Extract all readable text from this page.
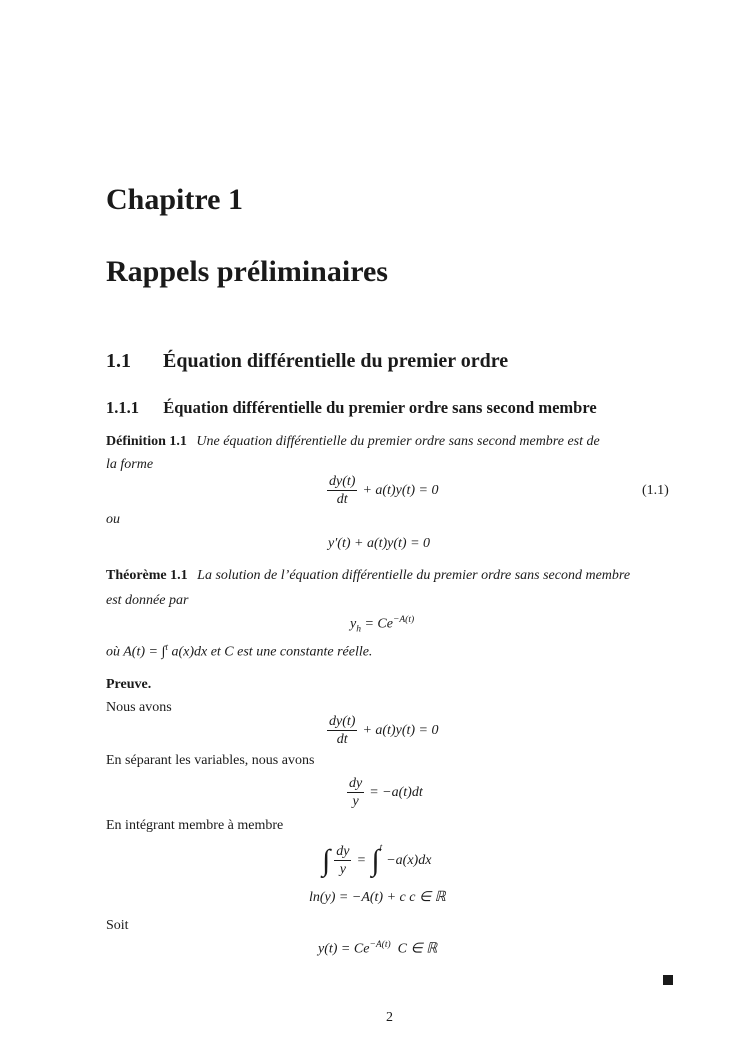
Chapitre 1
Rappels préliminaires
1.1 Équation différentielle du premier ordre
1.1.1 Équation différentielle du premier ordre sans second membre
Définition 1.1 Une équation différentielle du premier ordre sans second membre est de
la forme
$\frac{dy(t)}{dt} + a(t)y(t) = 0$	(1.1)
ou
y′(t) + a(t)y(t) = 0
Théorème 1.1 La solution de l’équation différentielle du premier ordre sans second membre
est donnée par
$y_h = Ce^{-A(t)}$
où A(t) = ∫$^t$ a(x)dx et C est une constante réelle.
Preuve.
Nous avons
$\frac{dy(t)}{dt} + a(t)y(t) = 0$
En séparant les variables, nous avons
$\frac{dy}{y} = -a(t)dt$
En intégrant membre à membre
∫ $\frac{dy}{y} = \int^t$
−a(x)dx
ln(y) = −A(t) + c c ∈ ℝ
Soit
$y(t) = Ce^{-A(t)}$  C ∈ ℝ
2
